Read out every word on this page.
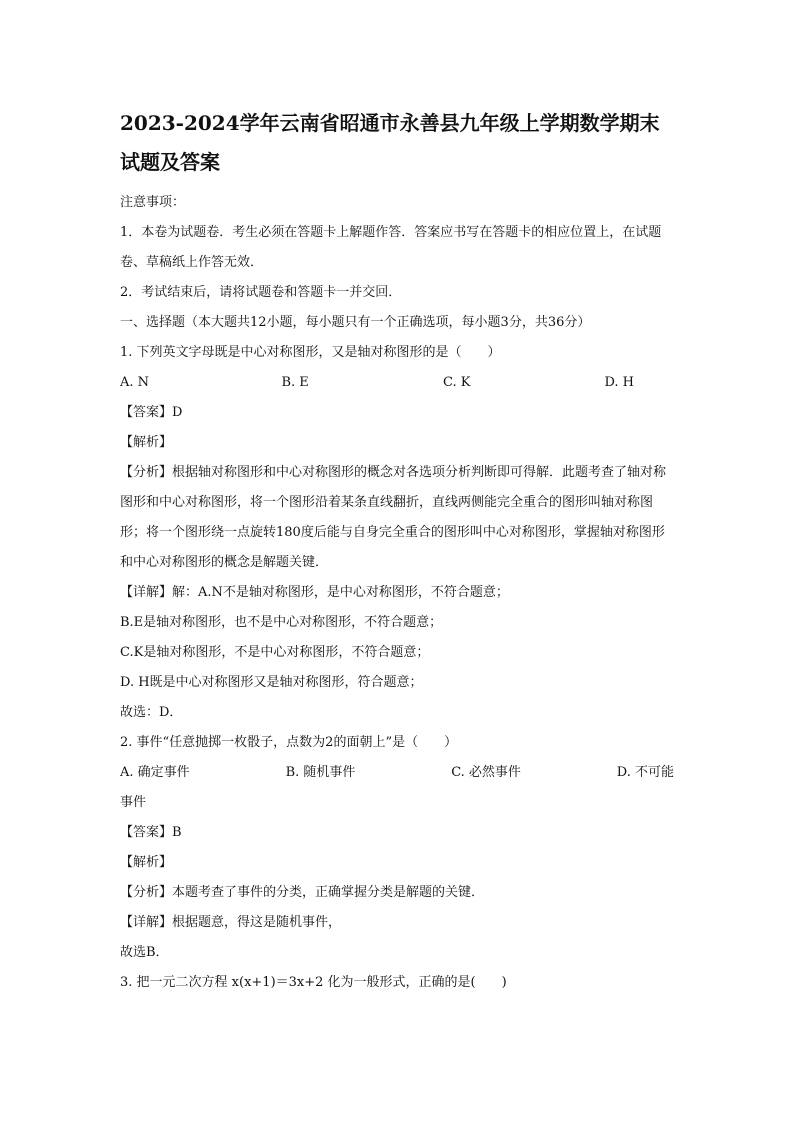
2023-2024学年云南省昭通市永善县九年级上学期数学期末
试题及答案

注意事项：

1．本卷为试题卷．考生必须在答题卡上解题作答．答案应书写在答题卡的相应位置上，在试题卷、草稿纸上作答无效．

2．考试结束后，请将试题卷和答题卡一并交回．

一、选择题（本大题共12小题，每小题只有一个正确选项，每小题3分，共36分）

1. 下列英文字母既是中心对称图形，又是轴对称图形的是（　　）

A. N	B. E	C. K	D. H

【答案】D

【解析】

【分析】根据轴对称图形和中心对称图形的概念对各选项分析判断即可得解．此题考查了轴对称图形和中心对称图形，将一个图形沿着某条直线翻折，直线两侧能完全重合的图形叫轴对称图形；将一个图形绕一点旋转180度后能与自身完全重合的图形叫中心对称图形，掌握轴对称图形和中心对称图形的概念是解题关键．

【详解】解：A.N不是轴对称图形，是中心对称图形，不符合题意；

B.E是轴对称图形，也不是中心对称图形，不符合题意；

C.K是轴对称图形，不是中心对称图形，不符合题意；

D. H既是中心对称图形又是轴对称图形，符合题意；

故选：D．

2. 事件“任意抛掷一枚骰子，点数为2的面朝上”是（　　）

A. 确定事件	B. 随机事件	C. 必然事件	D. 不可能

事件

【答案】B

【解析】

【分析】本题考查了事件的分类，正确掌握分类是解题的关键．

【详解】根据题意，得这是随机事件，

故选B．

3. 把一元二次方程 x(x+1)＝3x+2 化为一般形式，正确的是(　　)
